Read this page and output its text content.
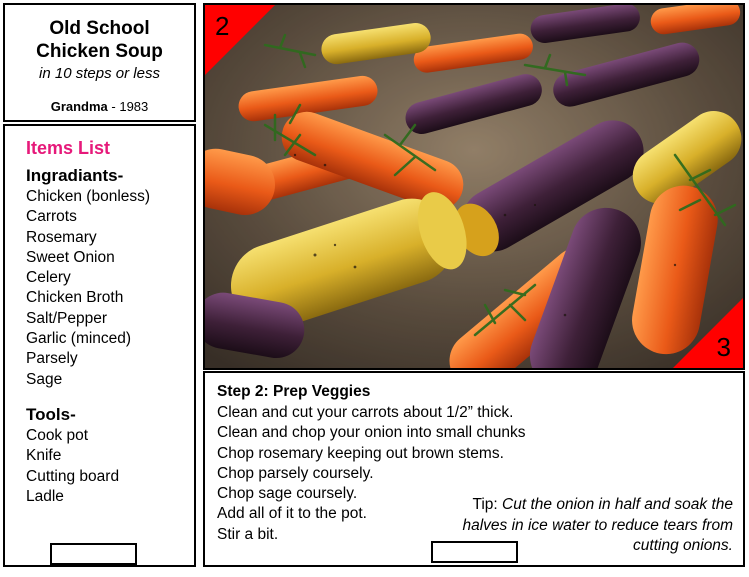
Old School
Chicken Soup
in 10 steps or less
Grandma - 1983
Items List
Ingradiants-
Chicken (bonless)
Carrots
Rosemary
Sweet Onion
Celery
Chicken Broth
Salt/Pepper
Garlic (minced)
Parsely
Sage
Tools-
Cook pot
Knife
Cutting board
Ladle
2
3
Step 2: Prep Veggies
Clean and cut your carrots about 1/2” thick.
Clean and chop your onion into small chunks
Chop rosemary keeping out brown stems.
Chop parsely coursely.
Chop sage coursely.
Add all of it to the pot.
Stir a bit.
Tip: Cut the onion in half and soak the halves in ice water to reduce tears from cutting onions.
